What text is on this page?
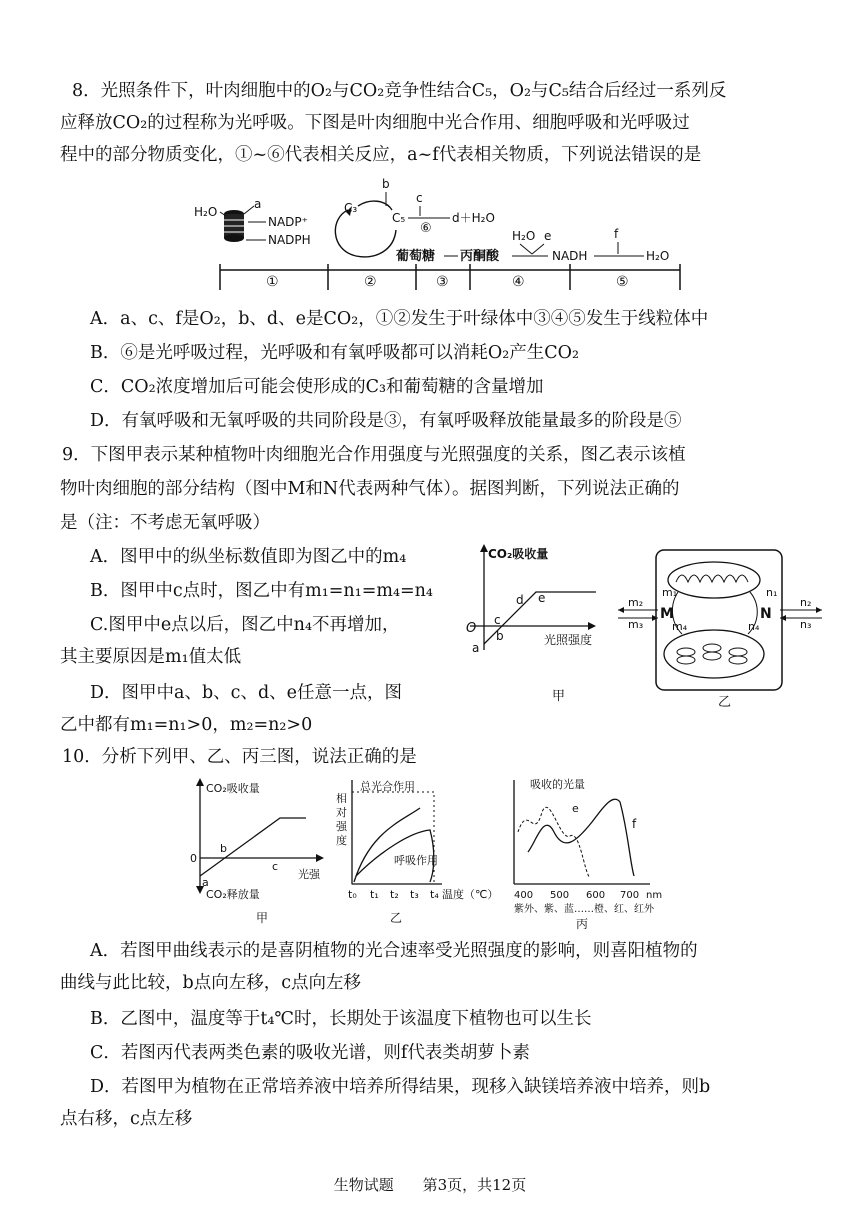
8．光照条件下，叶肉细胞中的O₂与CO₂竞争性结合C₅，O₂与C₅结合后经过一系列反
应释放CO₂的过程称为光呼吸。下图是叶肉细胞中光合作用、细胞呼吸和光呼吸过
程中的部分物质变化，①~⑥代表相关反应，a~f代表相关物质，下列说法错误的是
H₂O
a
NADP⁺
NADPH
C₃
C₅
b
c
⑥
d＋H₂O
葡萄糖 丙酮酸
H₂O e
NADH
f
H₂O
①	②	③	④	⑤
A．a、c、f是O₂，b、d、e是CO₂，①②发生于叶绿体中③④⑤发生于线粒体中
B．⑥是光呼吸过程，光呼吸和有氧呼吸都可以消耗O₂产生CO₂
C．CO₂浓度增加后可能会使形成的C₃和葡萄糖的含量增加
D．有氧呼吸和无氧呼吸的共同阶段是③，有氧呼吸释放能量最多的阶段是⑤
9．下图甲表示某种植物叶肉细胞光合作用强度与光照强度的关系，图乙表示该植
物叶肉细胞的部分结构（图中M和N代表两种气体）。据图判断，下列说法正确的
是（注：不考虑无氧呼吸）
A．图甲中的纵坐标数值即为图乙中的m₄
B．图甲中c点时，图乙中有m₁=n₁=m₄=n₄
C.图甲中e点以后，图乙中n₄不再增加，
其主要原因是m₁值太低
D．图甲中a、b、c、d、e任意一点，图
乙中都有m₁=n₁>0，m₂=n₂>0
CO₂吸收量
光照强度
O
a
b
c
d e
甲
M	N
m₁
m₂
m₃	m₄
n₁
n₂
n₃
n₄
乙
10．分析下列甲、乙、丙三图，说法正确的是
CO₂吸收量
CO₂释放量
光强
0
a
b
c
甲
总光合作用
呼吸作用
相
对
强
度
t₀ t₁ t₂ t₃ t₄ 温度（℃）
乙
吸收的光量
e
f
400 500 600 700 nm
紫外、紫、蓝……橙、红、红外
丙
A．若图甲曲线表示的是喜阴植物的光合速率受光照强度的影响，则喜阳植物的
曲线与此比较，b点向左移，c点向左移
B．乙图中，温度等于t₄℃时，长期处于该温度下植物也可以生长
C．若图丙代表两类色素的吸收光谱，则f代表类胡萝卜素
D．若图甲为植物在正常培养液中培养所得结果，现移入缺镁培养液中培养，则b
点右移，c点左移
生物试题 第3页，共12页
